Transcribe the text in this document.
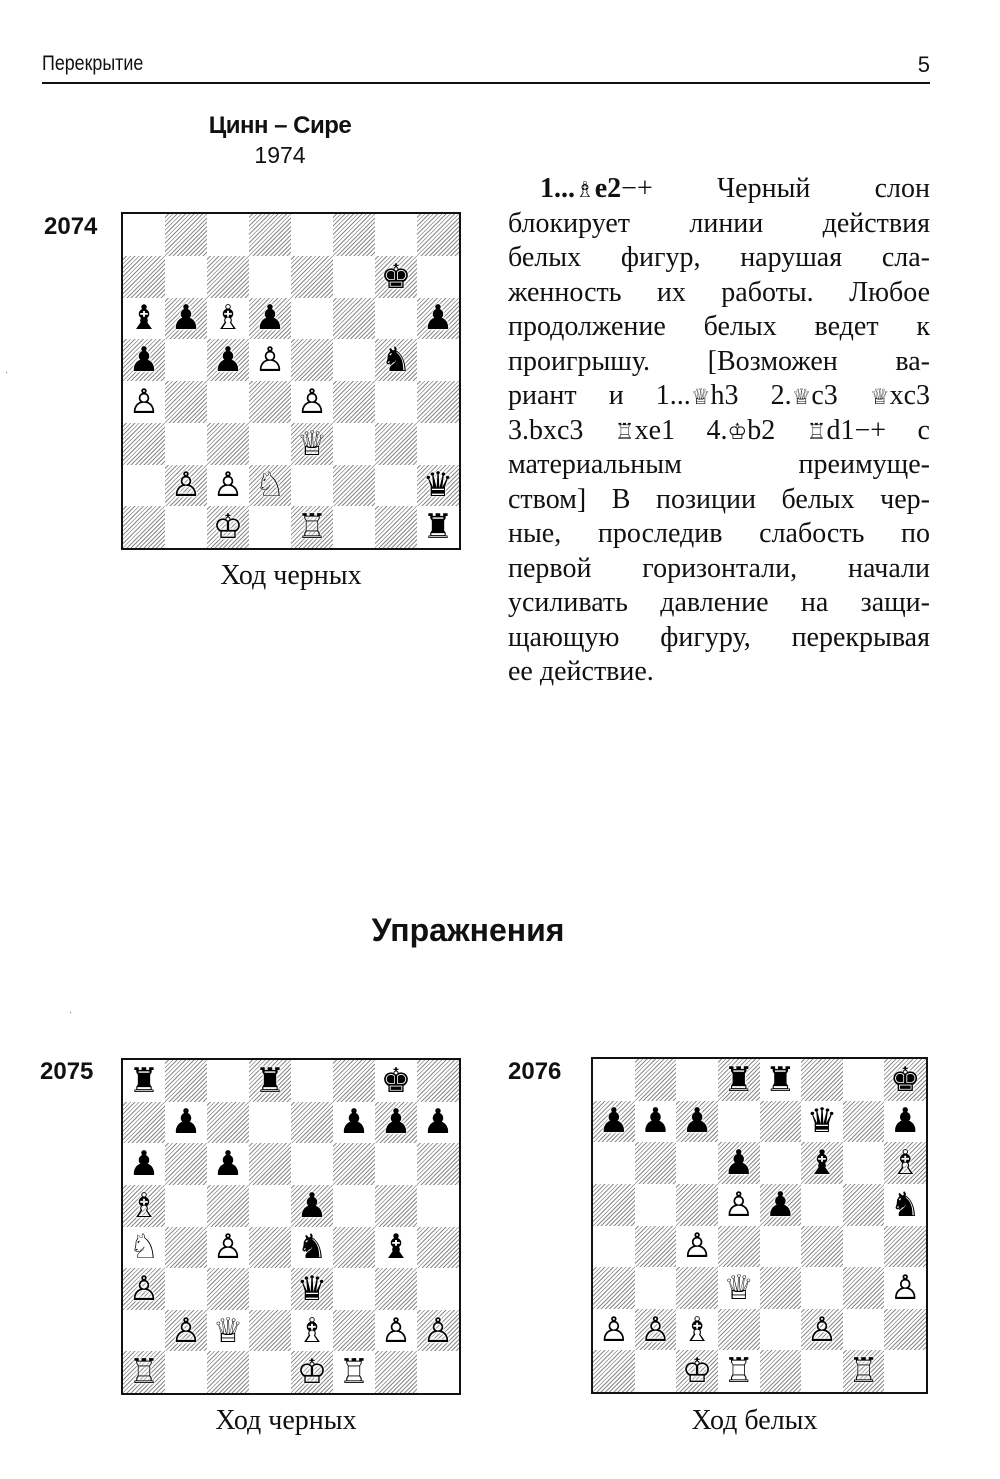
Перекрытие	5
Цинн – Сире
1974
2074
♚
♝ ♟ ♗ ♟	♟
♟ ♟ ♙	♞
♙	♙
♕
♙ ♙ ♘	♛
♔ ♖	♜
Ход черных
1...♗e2−+ Черный слон
блокирует линии действия
белых фигур, нарушая сла-
женность их работы. Любое
продолжение белых ведет к
проигрышу. [Возможен ва-
риант и 1...♕h3 2.♕c3 ♕xc3
3.bxc3 ♖xe1 4.♔b2 ♖d1−+ с
материальным преимуще-
ством] В позиции белых чер-
ные, проследив слабость по
первой горизонтали, начали
усиливать давление на защи-
щающую фигуру, перекрывая
ее действие.
Упражнения
2075 ♜	♜	♚
♟	♟ ♟ ♟
♟ ♟
♗	♟
♘ ♙ ♞ ♝
♙	♛
♙ ♕ ♗ ♙ ♙
♖	♔ ♖
Ход черных
2076	♜ ♜	♚
♟ ♟ ♟	♛ ♟
♟ ♝ ♗
♙ ♟	♞
♙
♕	♙
♙ ♙ ♗	♙
♔ ♖	♖
Ход белых
